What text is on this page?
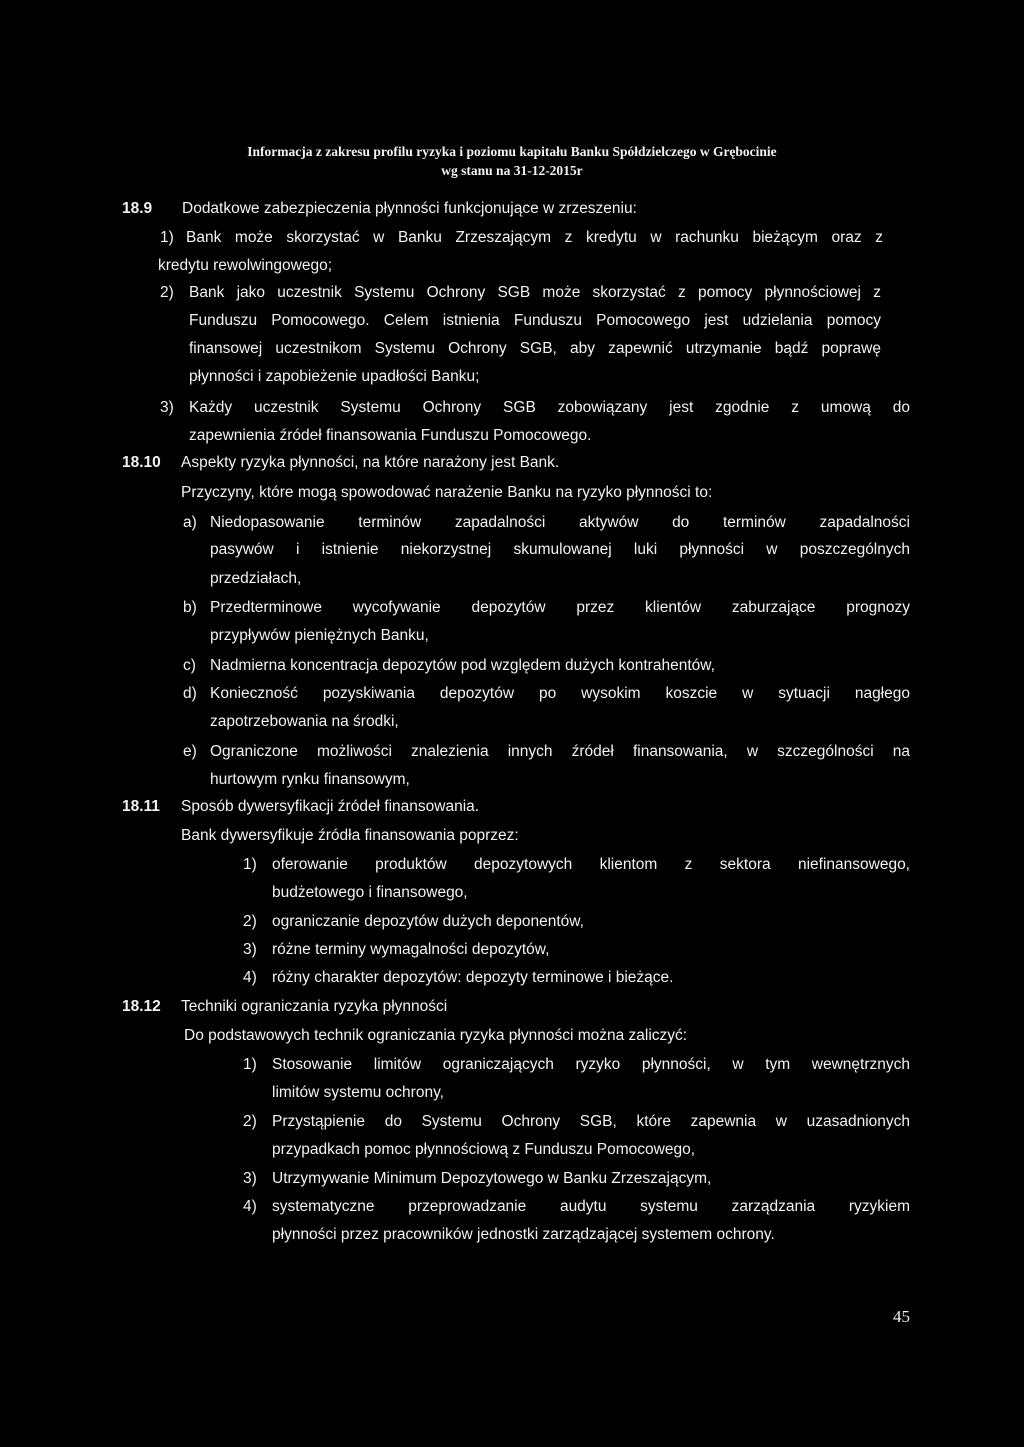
Informacja z zakresu profilu ryzyka i poziomu kapitału Banku Spółdzielczego w Grębocinie
wg stanu na 31-12-2015r
18.9 Dodatkowe zabezpieczenia płynności funkcjonujące w zrzeszeniu:
1) Bank może skorzystać w Banku Zrzeszającym z kredytu w rachunku bieżącym oraz z
kredytu rewolwingowego;
2) Bank jako uczestnik Systemu Ochrony SGB może skorzystać z pomocy płynnościowej z
Funduszu Pomocowego. Celem istnienia Funduszu Pomocowego jest udzielania pomocy
finansowej uczestnikom Systemu Ochrony SGB, aby zapewnić utrzymanie bądź poprawę
płynności i zapobieżenie upadłości Banku;
3) Każdy uczestnik Systemu Ochrony SGB zobowiązany jest zgodnie z umową do
zapewnienia źródeł finansowania Funduszu Pomocowego.
18.10 Aspekty ryzyka płynności, na które narażony jest Bank.
Przyczyny, które mogą spowodować narażenie Banku na ryzyko płynności to:
a) Niedopasowanie terminów zapadalności aktywów do terminów zapadalności
pasywów i istnienie niekorzystnej skumulowanej luki płynności w poszczególnych
przedziałach,
b) Przedterminowe wycofywanie depozytów przez klientów zaburzające prognozy
przypływów pieniężnych Banku,
c) Nadmierna koncentracja depozytów pod względem dużych kontrahentów,
d) Konieczność pozyskiwania depozytów po wysokim koszcie w sytuacji nagłego
zapotrzebowania na środki,
e) Ograniczone możliwości znalezienia innych źródeł finansowania, w szczególności na
hurtowym rynku finansowym,
18.11 Sposób dywersyfikacji źródeł finansowania.
Bank dywersyfikuje źródła finansowania poprzez:
1) oferowanie produktów depozytowych klientom z sektora niefinansowego,
budżetowego i finansowego,
2) ograniczanie depozytów dużych deponentów,
3) różne terminy wymagalności depozytów,
4) różny charakter depozytów: depozyty terminowe i bieżące.
18.12 Techniki ograniczania ryzyka płynności
Do podstawowych technik ograniczania ryzyka płynności można zaliczyć:
1) Stosowanie limitów ograniczających ryzyko płynności, w tym wewnętrznych
limitów systemu ochrony,
2) Przystąpienie do Systemu Ochrony SGB, które zapewnia w uzasadnionych
przypadkach pomoc płynnościową z Funduszu Pomocowego,
3) Utrzymywanie Minimum Depozytowego w Banku Zrzeszającym,
4) systematyczne przeprowadzanie audytu systemu zarządzania ryzykiem
płynności przez pracowników jednostki zarządzającej systemem ochrony.
45
